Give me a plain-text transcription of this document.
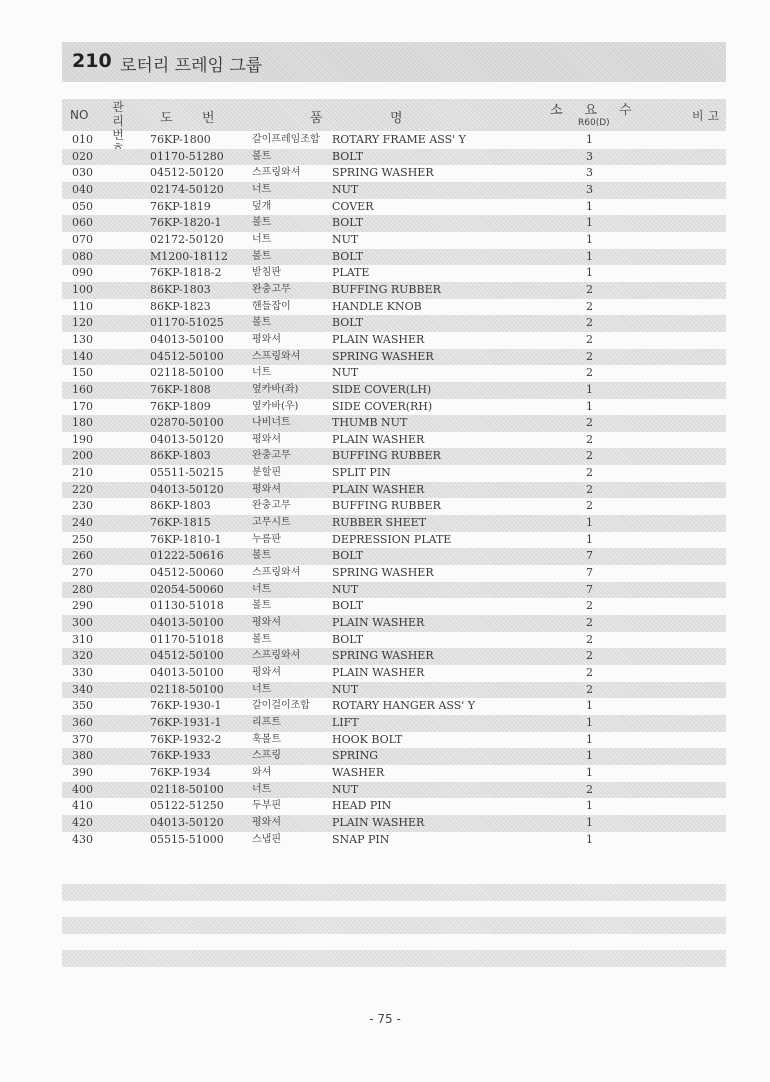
210 로터리 프레임 그룹
NO
관리 번
도 번	품	명
소요수
R60(D)	비고
010	76KP-1800	갈이프레임조합 ROTARY FRAME ASS' Y	1
020	01170-51280	볼트	BOLT	3
030	04512-50120	스프링와셔	SPRING WASHER	3
040	02174-50120	너트	NUT	3
050	76KP-1819	덮개	COVER	1
060	76KP-1820-1	볼트	BOLT	1
070	02172-50120	너트	NUT	1
080	M1200-18112 볼트	BOLT	1
090	76KP-1818-2	받침판	PLATE	1
100	86KP-1803	완충고무	BUFFING RUBBER	2
110	86KP-1823	핸들잡이	HANDLE KNOB	2
120	01170-51025	볼트	BOLT	2
130	04013-50100	평와셔	PLAIN WASHER	2
140	04512-50100	스프링와셔	SPRING WASHER	2
150	02118-50100	너트	NUT	2
160	76KP-1808	옆카바(좌)	SIDE COVER(LH)	1
170	76KP-1809	옆카바(우)	SIDE COVER(RH)	1
180	02870-50100	나비너트	THUMB NUT	2
190	04013-50120	평와셔	PLAIN WASHER	2
200	86KP-1803	완충고무	BUFFING RUBBER	2
210	05511-50215	분할핀	SPLIT PIN	2
220	04013-50120	평와셔	PLAIN WASHER	2
230	86KP-1803	완충고무	BUFFING RUBBER	2
240	76KP-1815	고무시트	RUBBER SHEET	1
250	76KP-1810-1	누름판	DEPRESSION PLATE	1
260	01222-50616	볼트	BOLT	7
270	04512-50060	스프링와셔	SPRING WASHER	7
280	02054-50060	너트	NUT	7
290	01130-51018	볼트	BOLT	2
300	04013-50100	평와셔	PLAIN WASHER	2
310	01170-51018	볼트	BOLT	2
320	04512-50100	스프링와셔	SPRING WASHER	2
330	04013-50100	평와셔	PLAIN WASHER	2
340	02118-50100	너트	NUT	2
350	76KP-1930-1	갈이걸이조합 ROTARY HANGER ASS' Y	1
360	76KP-1931-1	리프트	LIFT	1
370	76KP-1932-2	훅볼트	HOOK BOLT	1
380	76KP-1933	스프링	SPRING	1
390	76KP-1934	와셔	WASHER	1
400	02118-50100	너트	NUT	2
410	05122-51250	두부핀	HEAD PIN	1
420	04013-50120	평와셔	PLAIN WASHER	1
430	05515-51000	스냅핀	SNAP PIN	1
- 75 -
